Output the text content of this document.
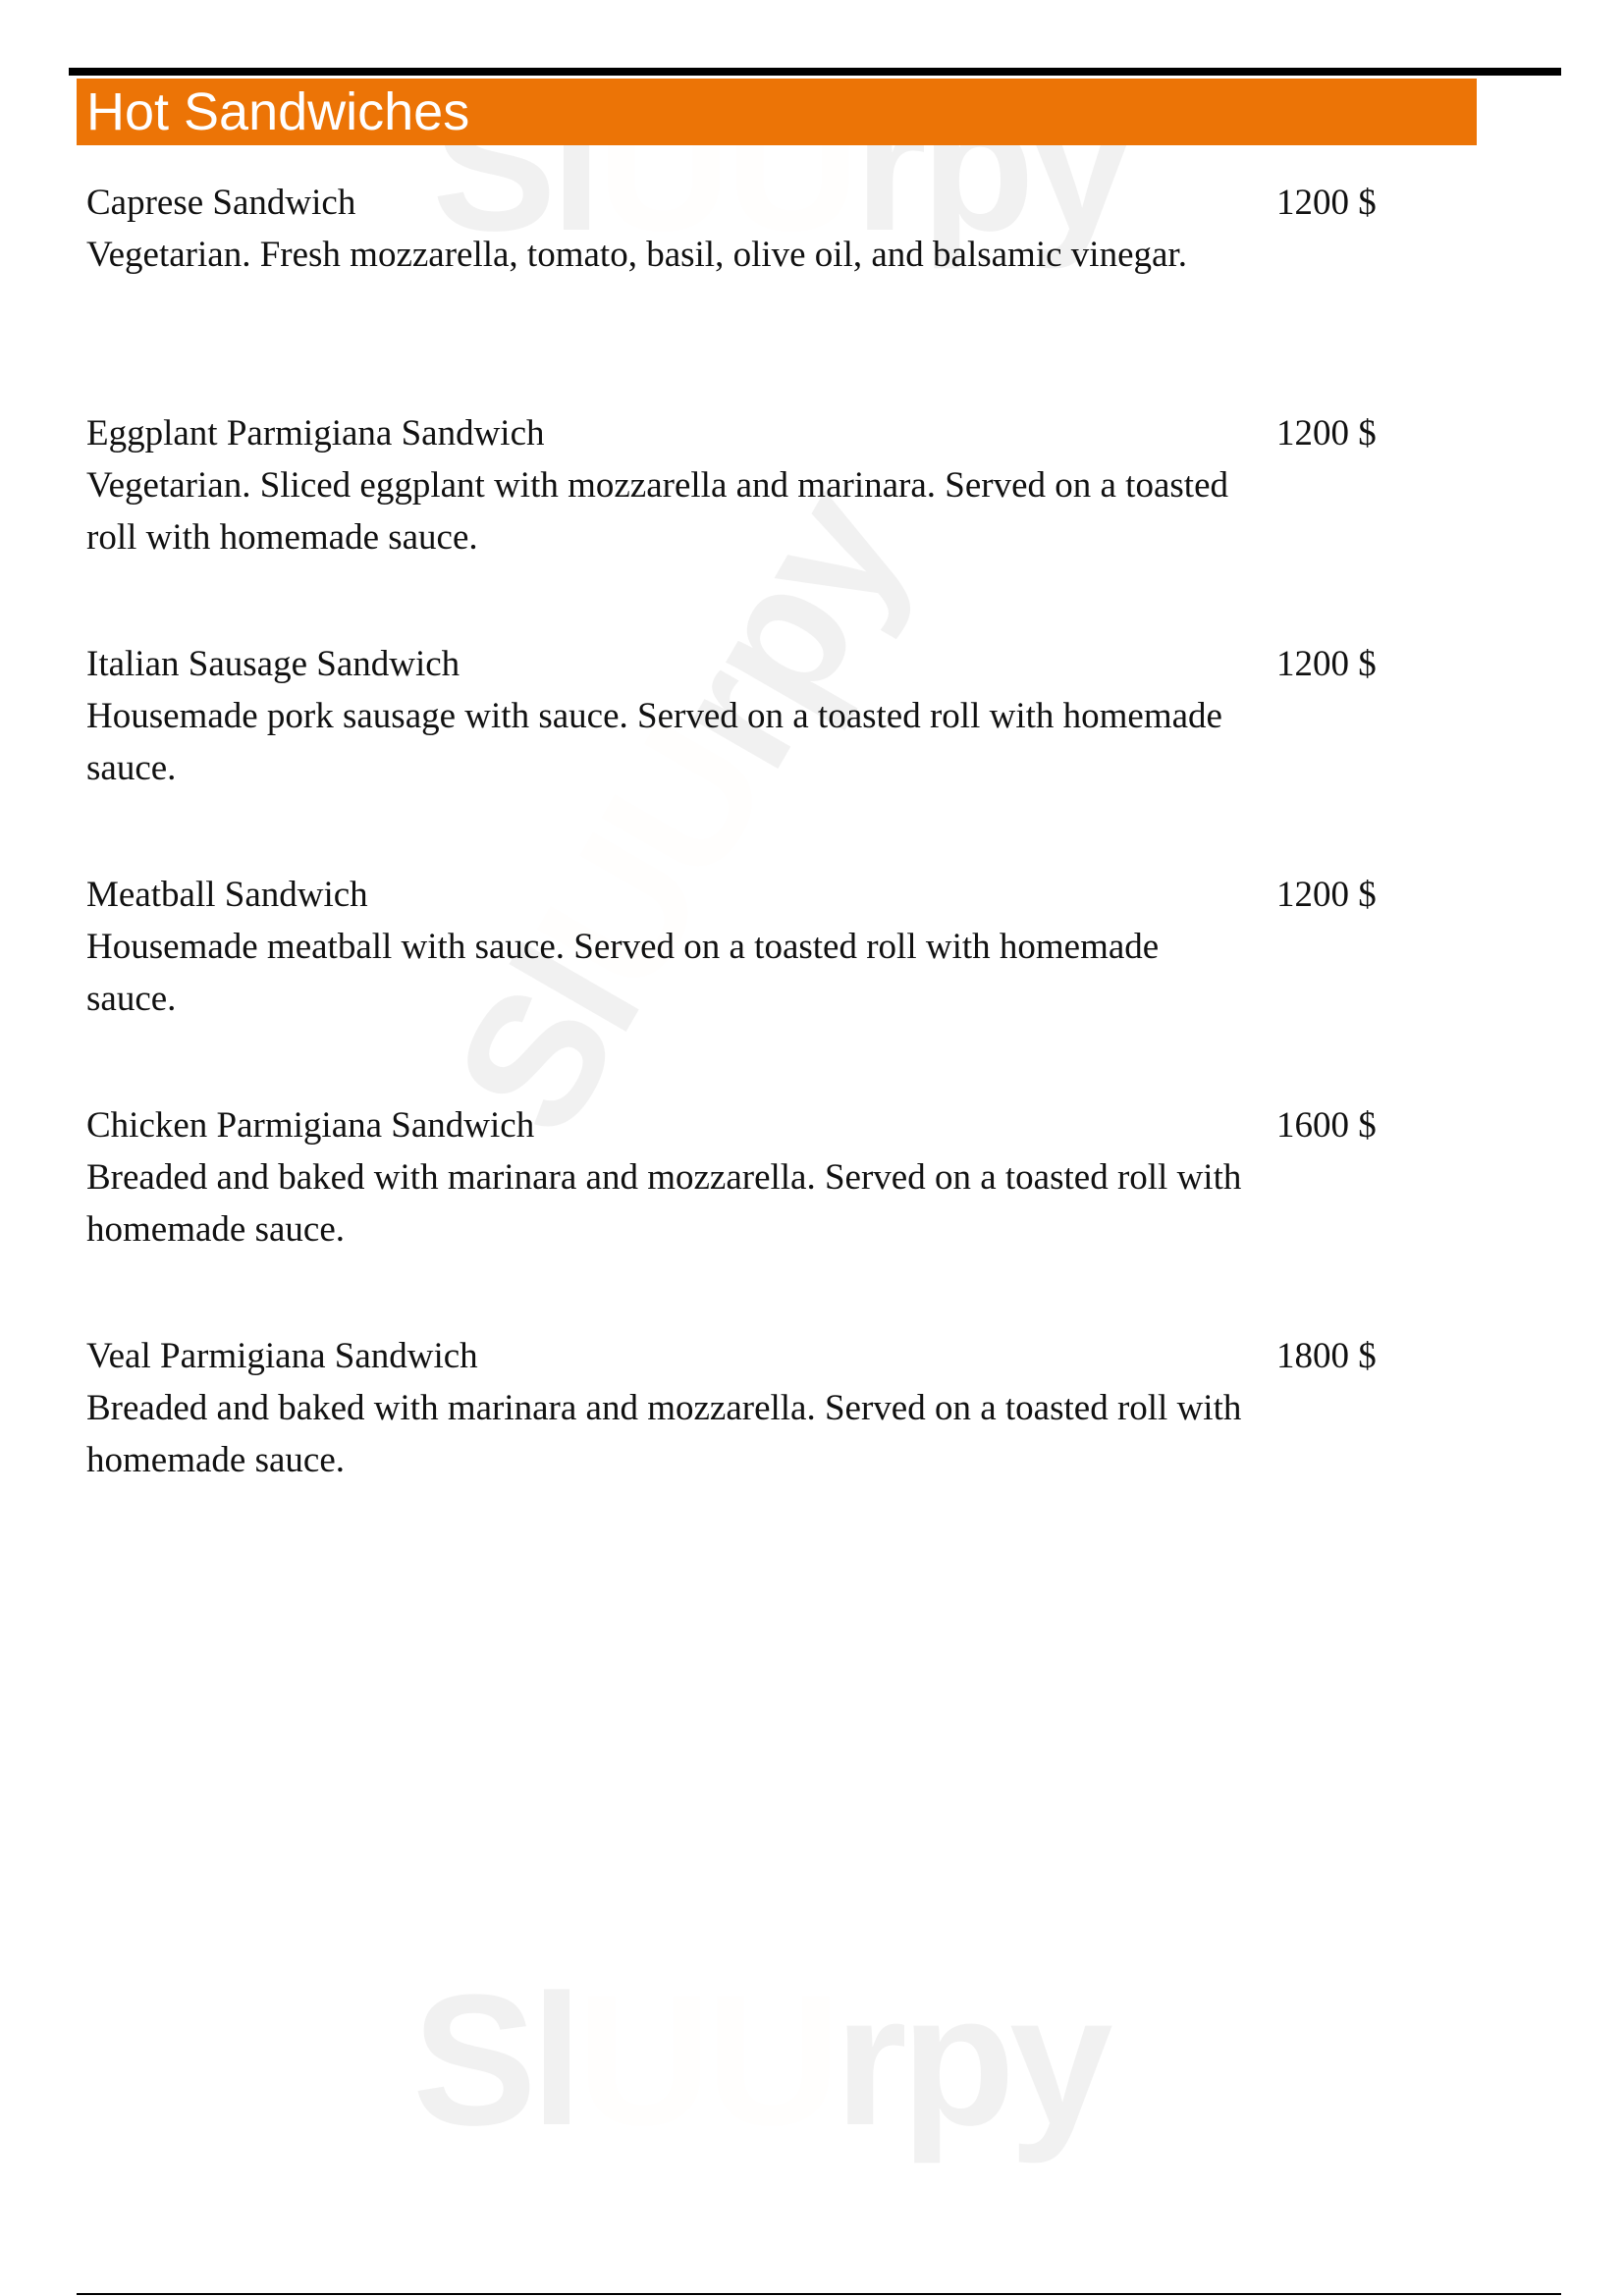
Sl rpy
Slrpy
Sl rpy
Hot Sandwiches

Caprese Sandwich

Vegetarian. Fresh mozzarella, tomato, basil, olive oil, and balsamic vinegar.

1200 $

Eggplant Parmigiana Sandwich

Vegetarian. Sliced eggplant with mozzarella and marinara. Served on a toasted roll with homemade sauce.

1200 $

Italian Sausage Sandwich

Housemade pork sausage with sauce. Served on a toasted roll with homemade sauce.

1200 $

Meatball Sandwich

Housemade meatball with sauce. Served on a toasted roll with homemade sauce.

1200 $

Chicken Parmigiana Sandwich

Breaded and baked with marinara and mozzarella. Served on a toasted roll with homemade sauce.

1600 $

Veal Parmigiana Sandwich

Breaded and baked with marinara and mozzarella. Served on a toasted roll with homemade sauce.

1800 $
